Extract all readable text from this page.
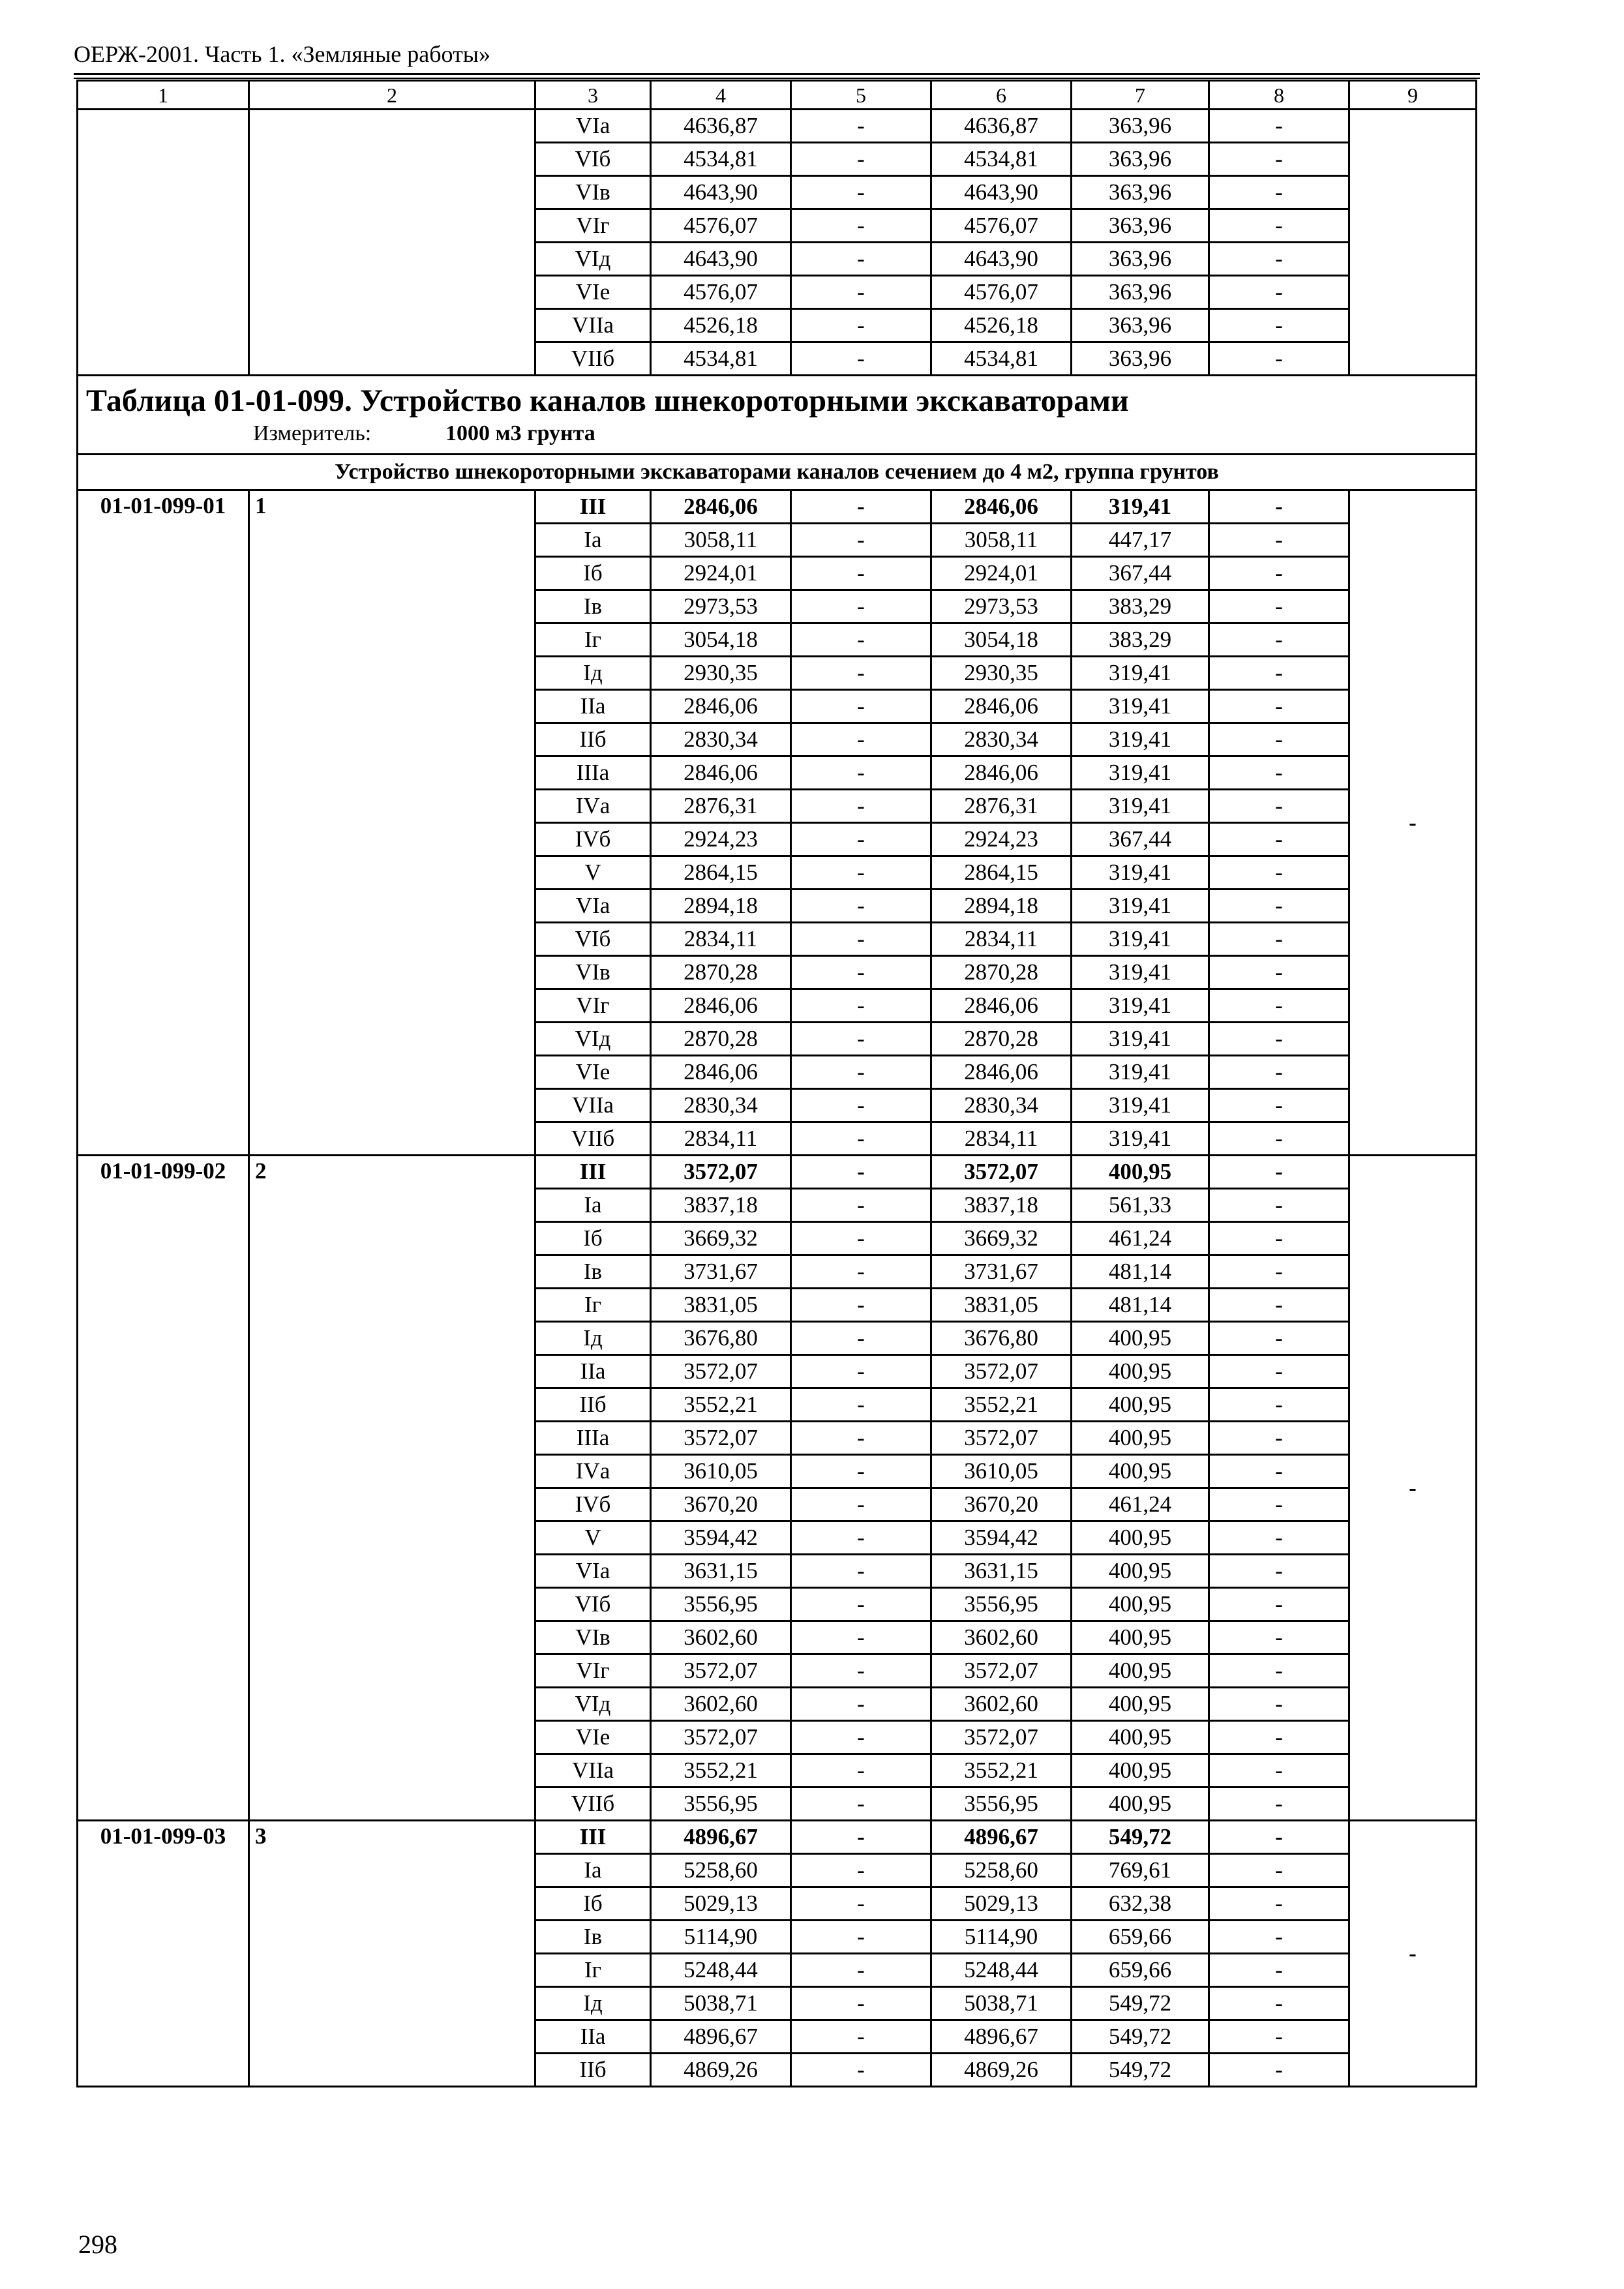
ОЕРЖ-2001. Часть 1. «Земляные работы»
1	2	3	4	5	6	7	8	9
		VIа	4636,87	-	4636,87	363,96	-	
		VIб	4534,81	-	4534,81	363,96	-	
		VIв	4643,90	-	4643,90	363,96	-	
		VIг	4576,07	-	4576,07	363,96	-	
		VIд	4643,90	-	4643,90	363,96	-	
		VIе	4576,07	-	4576,07	363,96	-	
		VIIа	4526,18	-	4526,18	363,96	-	
		VIIб	4534,81	-	4534,81	363,96	-	

Таблица 01-01-099. Устройство каналов шнекороторными экскаваторами
Измеритель: 1000 м3 грунта								

Устройство шнекороторными экскаваторами каналов сечением до 4 м2, группа грунтов								
01-01-099-01	1	III	2846,06	-	2846,06	319,41	-	-
		Iа	3058,11	-	3058,11	447,17	-	
		Iб	2924,01	-	2924,01	367,44	-	
		Iв	2973,53	-	2973,53	383,29	-	
		Iг	3054,18	-	3054,18	383,29	-	
		Iд	2930,35	-	2930,35	319,41	-	
		IIа	2846,06	-	2846,06	319,41	-	
		IIб	2830,34	-	2830,34	319,41	-	
		IIIа	2846,06	-	2846,06	319,41	-	
		IVа	2876,31	-	2876,31	319,41	-	
		IVб	2924,23	-	2924,23	367,44	-	
		V	2864,15	-	2864,15	319,41	-	
		VIа	2894,18	-	2894,18	319,41	-	
		VIб	2834,11	-	2834,11	319,41	-	
		VIв	2870,28	-	2870,28	319,41	-	
		VIг	2846,06	-	2846,06	319,41	-	
		VIд	2870,28	-	2870,28	319,41	-	
		VIе	2846,06	-	2846,06	319,41	-	
		VIIа	2830,34	-	2830,34	319,41	-	
		VIIб	2834,11	-	2834,11	319,41	-	
01-01-099-02	2	III	3572,07	-	3572,07	400,95	-	-
		Iа	3837,18	-	3837,18	561,33	-	
		Iб	3669,32	-	3669,32	461,24	-	
		Iв	3731,67	-	3731,67	481,14	-	
		Iг	3831,05	-	3831,05	481,14	-	
		Iд	3676,80	-	3676,80	400,95	-	
		IIа	3572,07	-	3572,07	400,95	-	
		IIб	3552,21	-	3552,21	400,95	-	
		IIIа	3572,07	-	3572,07	400,95	-	
		IVа	3610,05	-	3610,05	400,95	-	
		IVб	3670,20	-	3670,20	461,24	-	
		V	3594,42	-	3594,42	400,95	-	
		VIа	3631,15	-	3631,15	400,95	-	
		VIб	3556,95	-	3556,95	400,95	-	
		VIв	3602,60	-	3602,60	400,95	-	
		VIг	3572,07	-	3572,07	400,95	-	
		VIд	3602,60	-	3602,60	400,95	-	
		VIе	3572,07	-	3572,07	400,95	-	
		VIIа	3552,21	-	3552,21	400,95	-	
		VIIб	3556,95	-	3556,95	400,95	-	
01-01-099-03	3	III	4896,67	-	4896,67	549,72	-	-
		Iа	5258,60	-	5258,60	769,61	-	
		Iб	5029,13	-	5029,13	632,38	-	
		Iв	5114,90	-	5114,90	659,66	-	
		Iг	5248,44	-	5248,44	659,66	-	
		Iд	5038,71	-	5038,71	549,72	-	
		IIа	4896,67	-	4896,67	549,72	-	
		IIб	4869,26	-	4869,26	549,72	-	
298
